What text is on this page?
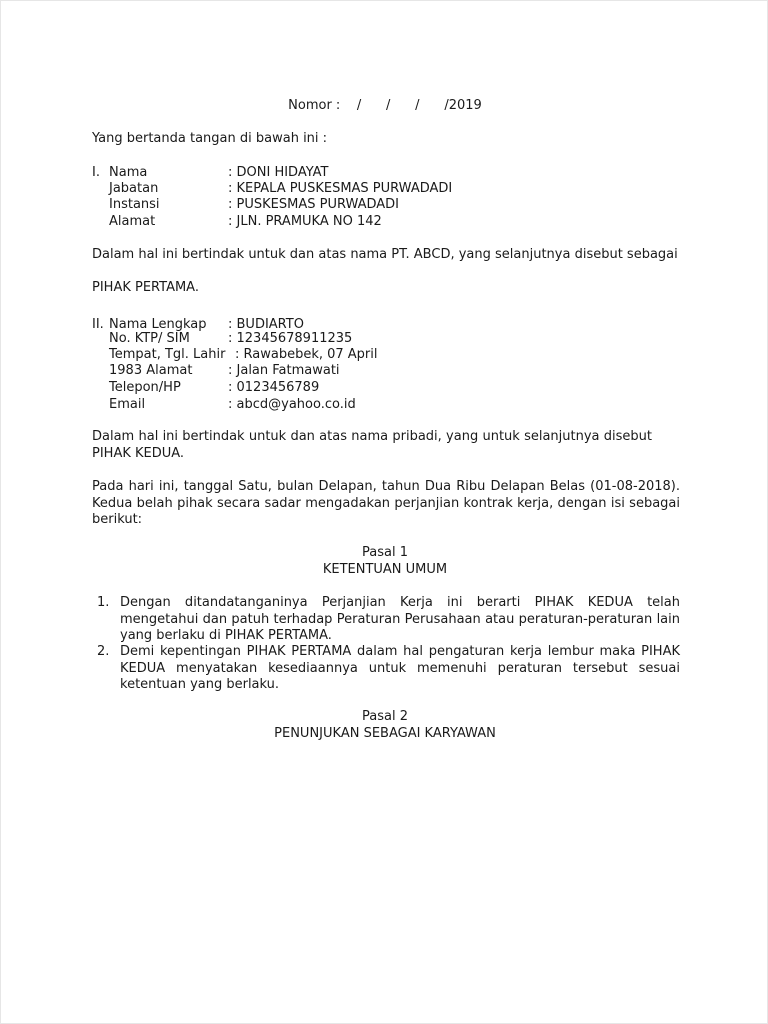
Nomor :    /      /      /      /2019
Yang bertanda tangan di bawah ini :
I. Nama	: DONI HIDAYAT
Jabatan	: KEPALA PUSKESMAS PURWADADI
Instansi	: PUSKESMAS PURWADADI
Alamat	: JLN. PRAMUKA NO 142
Dalam hal ini bertindak untuk dan atas nama PT. ABCD, yang selanjutnya disebut sebagai
PIHAK PERTAMA.
II. Nama Lengkap : BUDIARTO
No. KTP/ SIM	: 12345678911235
Tempat, Tgl. Lahir : Rawabebek, 07 April
1983 Alamat	: Jalan Fatmawati
Telepon/HP	: 0123456789
Email	: abcd@yahoo.co.id
Dalam hal ini bertindak untuk dan atas nama pribadi, yang untuk selanjutnya disebut PIHAK KEDUA.
Pada hari ini, tanggal Satu, bulan Delapan, tahun Dua Ribu Delapan Belas (01-08-2018). Kedua belah pihak secara sadar mengadakan perjanjian kontrak kerja, dengan isi sebagai berikut:
Pasal 1
KETENTUAN UMUM
1. Dengan ditandatanganinya Perjanjian Kerja ini berarti PIHAK KEDUA telah mengetahui dan patuh terhadap Peraturan Perusahaan atau peraturan-peraturan lain yang berlaku di PIHAK PERTAMA.
2. Demi kepentingan PIHAK PERTAMA dalam hal pengaturan kerja lembur maka PIHAK KEDUA menyatakan kesediaannya untuk memenuhi peraturan tersebut sesuai ketentuan yang berlaku.
Pasal 2
PENUNJUKAN SEBAGAI KARYAWAN
